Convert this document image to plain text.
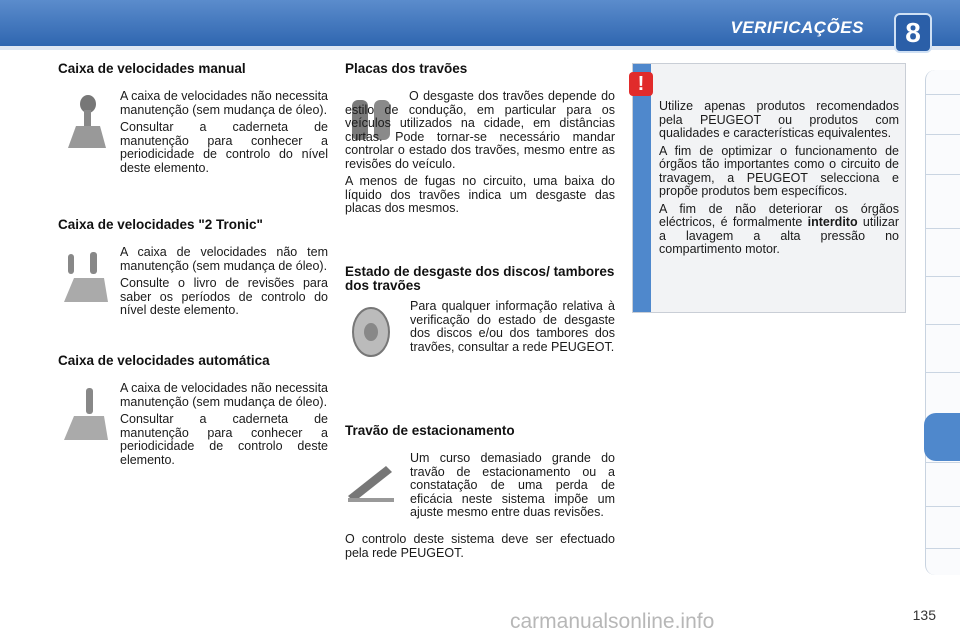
VERIFICAÇÕES	8
Caixa de velocidades manual

A caixa de velocidades não necessita manutenção (sem mudança de óleo).

Consultar a caderneta de manutenção para conhecer a periodicidade de controlo do nível deste elemento.

Caixa de velocidades "2 Tronic"

A caixa de velocidades não tem manutenção (sem mudança de óleo).

Consulte o livro de revisões para saber os períodos de controlo do nível deste elemento.

Caixa de velocidades automática

A caixa de velocidades não necessita manutenção (sem mudança de óleo).

Consultar a caderneta de manutenção para conhecer a periodicidade de controlo deste elemento.

Placas dos travões

O desgaste dos travões depende do estilo de condução, em particular para os veículos utilizados na cidade, em distâncias curtas. Pode tornar-se necessário mandar controlar o estado dos travões, mesmo entre as revisões do veículo.

A menos de fugas no circuito, uma baixa do líquido dos travões indica um desgaste das placas dos mesmos.

Estado de desgaste dos discos/ tambores dos travões

Para qualquer informação relativa à verificação do estado de desgaste dos discos e/ou dos tambores dos travões, consultar a rede PEUGEOT.

Travão de estacionamento

Um curso demasiado grande do travão de estacionamento ou a constatação de uma perda de eficácia neste sistema impõe um ajuste mesmo entre duas revisões.

O controlo deste sistema deve ser efectuado pela rede PEUGEOT.

!

Utilize apenas produtos recomendados pela PEUGEOT ou produtos com qualidades e características equivalentes.

A fim de optimizar o funcionamento de órgãos tão importantes como o circuito de travagem, a PEUGEOT selecciona e propõe produtos bem específicos.

A fim de não deteriorar os órgãos eléctricos, é formalmente interdito utilizar a lavagem a alta pressão no compartimento motor.

135
carmanualsonline.info
